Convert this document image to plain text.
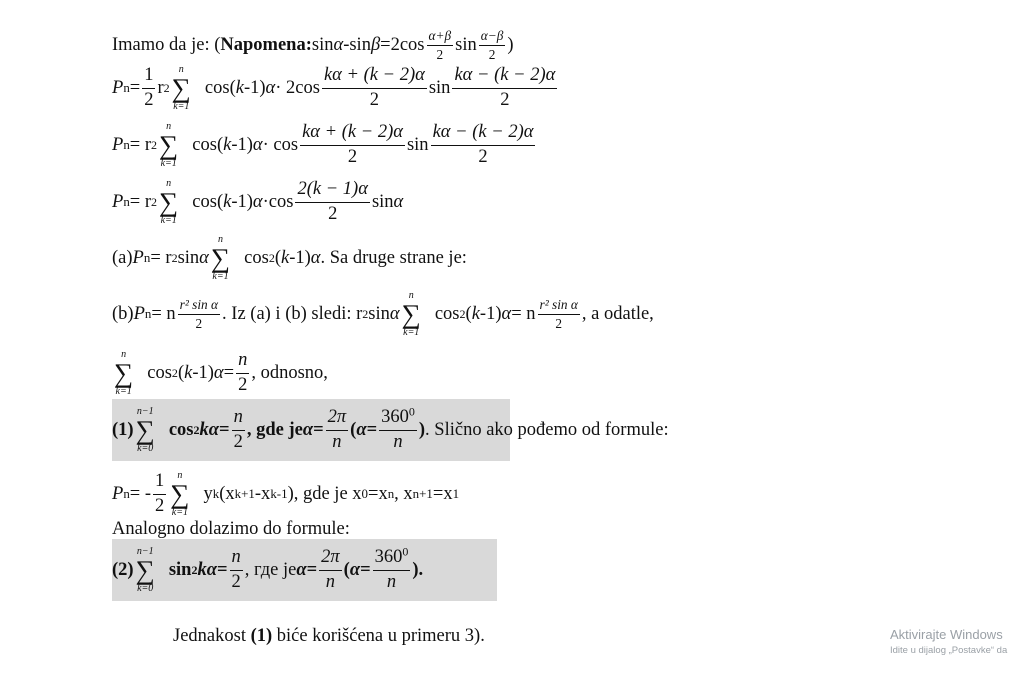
Imamo da je: ( Napomena: sin α -sin $\beta =2\cos \frac{\alpha+\beta}{2}$ $\sin \frac{\alpha-\beta}{2}$ )
P $n = \frac{1}{2}$ r 2
n
∑
k=1
cos( k -1) $\alpha \cdot 2\cos \frac{k\alpha + (k - 2)\alpha}{2}$ $\sin \frac{k\alpha - (k - 2)\alpha}{2}$
P n = r 2
n
∑
k=1
cos( k -1) $\alpha \cdot \cos \frac{k\alpha + (k - 2)\alpha}{2}$ $\sin \frac{k\alpha - (k - 2)\alpha}{2}$
P n = r 2
n
∑
k=1
cos( k -1) $\alpha \cdot\cos \frac{2(k - 1)\alpha}{2}$ sin α
(a) P n = r 2 sin α
n
∑
k=1
cos 2 ( k -1) α . Sa druge strane je:
(b) P n = n $\frac{\text{r² sin α}}{2}$ . Iz (a) i (b) sledi: r 2 sin α
n
∑
k=1
cos 2 ( k -1) α = n $\frac{\text{r² sin α}}{2}$ , a odatle,
n
∑
k=1
cos 2 ( k -1) $\alpha = \frac{n}{2}$ , odnosno,
(1)
n−1
∑
k=0
cos 2 $k\alpha = \frac{n}{2}$ , gde je $\alpha = \frac{2\pi}{n}$ ( $\alpha = \frac{360^0}{n}$ ) . Slično ako pođemo od formule:
P n = - $\frac{1}{2}$ n
∑
k=1
y k (x k+1 -x k-1 ), gde je x 0 =x n , x n+1 =x 1
Analogno dolazimo do formule:
(2)
n−1
∑
k=0
sin 2 $k\alpha = \frac{n}{2}$ , где је $\alpha = \frac{2\pi}{n}$ ( $\alpha = \frac{360^0}{n}$ ).
Jednakost (1) biće korišćena u primeru 3).	Aktivirajte Windows
Idite u dijalog „Postavke“ da
